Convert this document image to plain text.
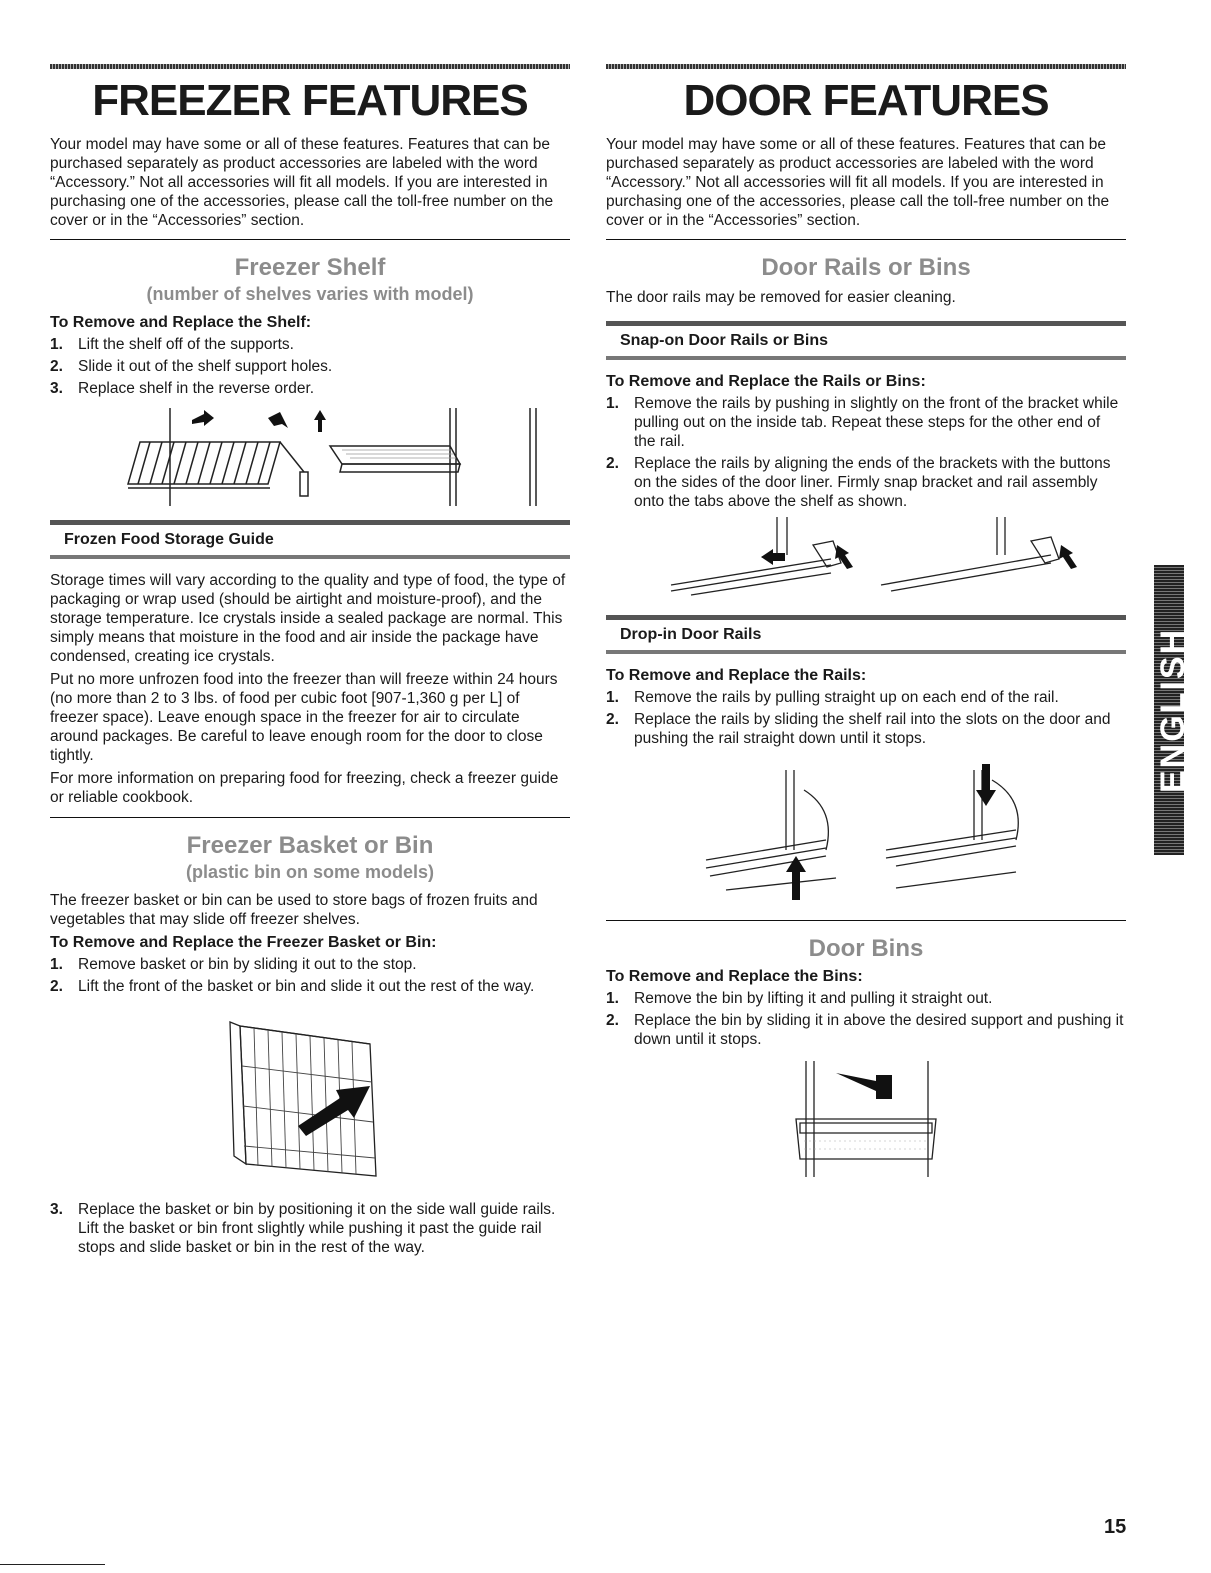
FREEZER FEATURES

Your model may have some or all of these features. Features that can be purchased separately as product accessories are labeled with the word “Accessory.” Not all accessories will fit all models. If you are interested in purchasing one of the accessories, please call the toll-free number on the cover or in the “Accessories” section.

Freezer Shelf
(number of shelves varies with model)
To Remove and Replace the Shelf:
1. Lift the shelf off of the supports.
2. Slide it out of the shelf support holes.
3. Replace shelf in the reverse order.
Frozen Food Storage Guide

Storage times will vary according to the quality and type of food, the type of packaging or wrap used (should be airtight and moisture-proof), and the storage temperature. Ice crystals inside a sealed package are normal. This simply means that moisture in the food and air inside the package have condensed, creating ice crystals.

Put no more unfrozen food into the freezer than will freeze within 24 hours (no more than 2 to 3 lbs. of food per cubic foot [907-1,360 g per L] of freezer space). Leave enough space in the freezer for air to circulate around packages. Be careful to leave enough room for the door to close tightly.

For more information on preparing food for freezing, check a freezer guide or reliable cookbook.

Freezer Basket or Bin
(plastic bin on some models)

The freezer basket or bin can be used to store bags of frozen fruits and vegetables that may slide off freezer shelves.

To Remove and Replace the Freezer Basket or Bin:
1. Remove basket or bin by sliding it out to the stop.
2. Lift the front of the basket or bin and slide it out the rest of the way.
3. Replace the basket or bin by positioning it on the side wall guide rails. Lift the basket or bin front slightly while pushing it past the guide rail stops and slide basket or bin in the rest of the way.
DOOR FEATURES

Your model may have some or all of these features. Features that can be purchased separately as product accessories are labeled with the word “Accessory.” Not all accessories will fit all models. If you are interested in purchasing one of the accessories, please call the toll-free number on the cover or in the “Accessories” section.

Door Rails or Bins

The door rails may be removed for easier cleaning.

Snap-on Door Rails or Bins
To Remove and Replace the Rails or Bins:
1. Remove the rails by pushing in slightly on the front of the bracket while pulling out on the inside tab. Repeat these steps for the other end of the rail.
2. Replace the rails by aligning the ends of the brackets with the buttons on the sides of the door liner. Firmly snap bracket and rail assembly onto the tabs above the shelf as shown.
Drop-in Door Rails
To Remove and Replace the Rails:
1. Remove the rails by pulling straight up on each end of the rail.
2. Replace the rails by sliding the shelf rail into the slots on the door and pushing the rail straight down until it stops.
Door Bins
To Remove and Replace the Bins:
1. Remove the bin by lifting it and pulling it straight out.
2. Replace the bin by sliding it in above the desired support and pushing it down until it stops.
ENGLISH
15
